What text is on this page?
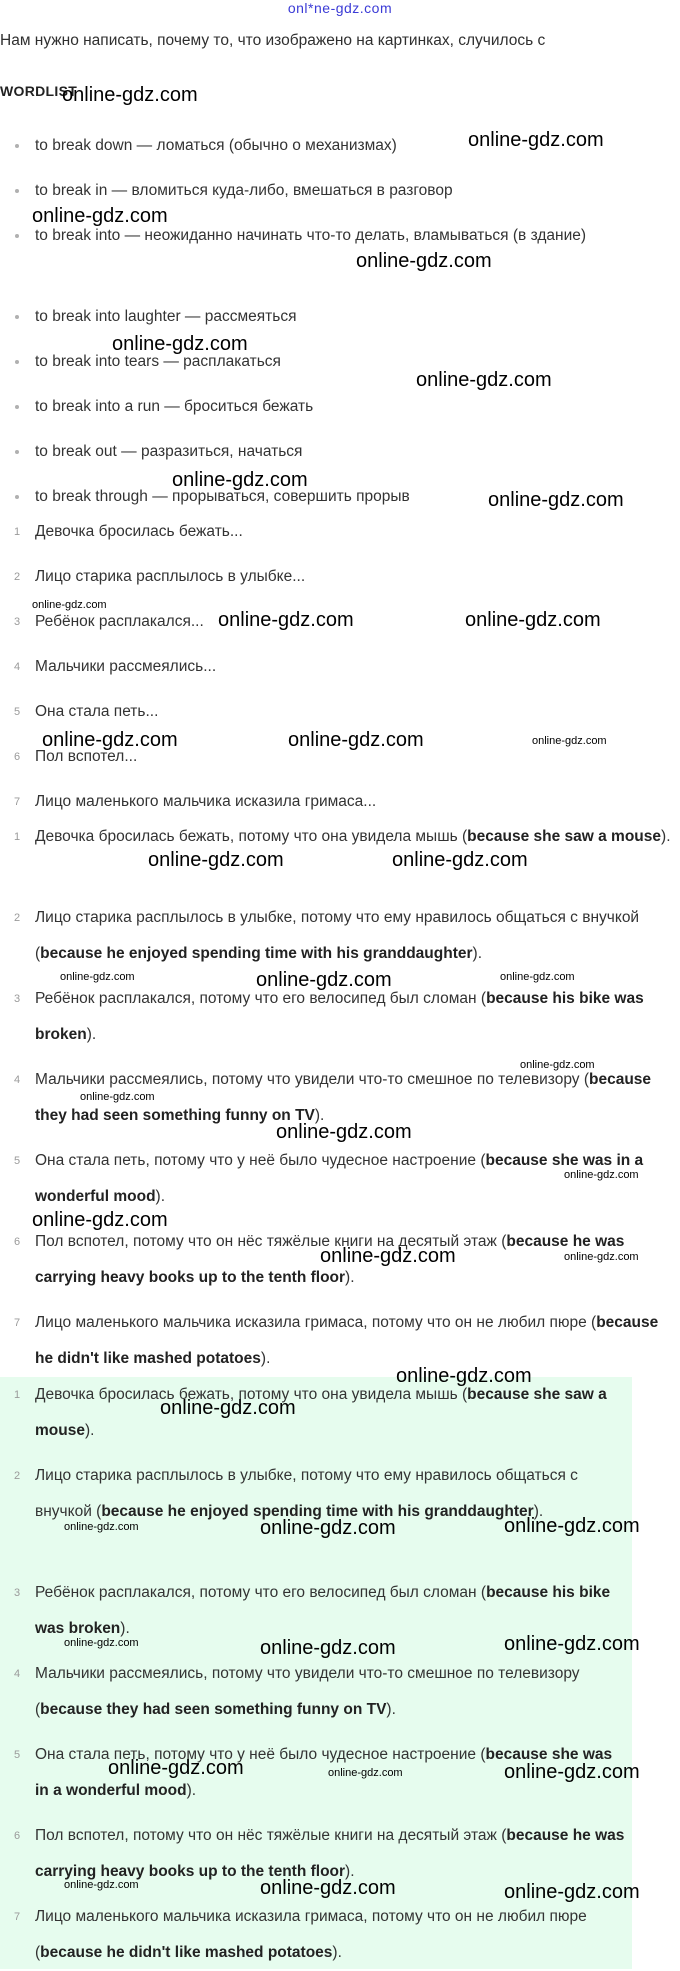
onl*ne-gdz.com
Нам нужно написать, почему то, что изображено на картинках, случилось с
WORDLIST
to break down — ломаться (обычно о механизмах)
to break in — вломиться куда-либо, вмешаться в разговор
to break into — неожиданно начинать что-то делать, вламываться (в здание)
to break into laughter — рассмеяться
to break into tears — расплакаться
to break into a run — броситься бежать
to break out — разразиться, начаться
to break through — прорываться, совершить прорыв
1 Девочка бросилась бежать...
2 Лицо старика расплылось в улыбке...
3 Ребёнок расплакался...
4 Мальчики рассмеялись...
5 Она стала петь...
6 Пол вспотел...
7 Лицо маленького мальчика исказила гримаса...
1 Девочка бросилась бежать, потому что она увидела мышь (because she saw a mouse).
2 Лицо старика расплылось в улыбке, потому что ему нравилось общаться с внучкой (because he enjoyed spending time with his granddaughter).
3 Ребёнок расплакался, потому что его велосипед был сломан (because his bike was broken).
4 Мальчики рассмеялись, потому что увидели что-то смешное по телевизору (because they had seen something funny on TV).
5 Она стала петь, потому что у неё было чудесное настроение (because she was in a wonderful mood).
6 Пол вспотел, потому что он нёс тяжёлые книги на десятый этаж (because he was carrying heavy books up to the tenth floor).
7 Лицо маленького мальчика исказила гримаса, потому что он не любил пюре (because he didn't like mashed potatoes).
1 Девочка бросилась бежать, потому что она увидела мышь (because she saw a mouse).
2 Лицо старика расплылось в улыбке, потому что ему нравилось общаться с внучкой (because he enjoyed spending time with his granddaughter).
3 Ребёнок расплакался, потому что его велосипед был сломан (because his bike was broken).
4 Мальчики рассмеялись, потому что увидели что-то смешное по телевизору (because they had seen something funny on TV).
5 Она стала петь, потому что у неё было чудесное настроение (because she was in a wonderful mood).
6 Пол вспотел, потому что он нёс тяжёлые книги на десятый этаж (because he was carrying heavy books up to the tenth floor).
7 Лицо маленького мальчика исказила гримаса, потому что он не любил пюре (because he didn't like mashed potatoes).
online-gdz.com
online-gdz.com
online-gdz.com
online-gdz.com
online-gdz.com
online-gdz.com
online-gdz.com
online-gdz.com
online-gdz.com
online-gdz.com	online-gdz.com
online-gdz.com	online-gdz.com	online-gdz.com
online-gdz.com	online-gdz.com
online-gdz.com	online-gdz.com	online-gdz.com
online-gdz.com
online-gdz.com
online-gdz.com
online-gdz.com
online-gdz.com
online-gdz.com	online-gdz.com
online-gdz.com
online-gdz.com
online-gdz.com	online-gdz.com	online-gdz.com
online-gdz.com	online-gdz.com	online-gdz.com
online-gdz.com	online-gdz.com	online-gdz.com
online-gdz.com	online-gdz.com	online-gdz.com
